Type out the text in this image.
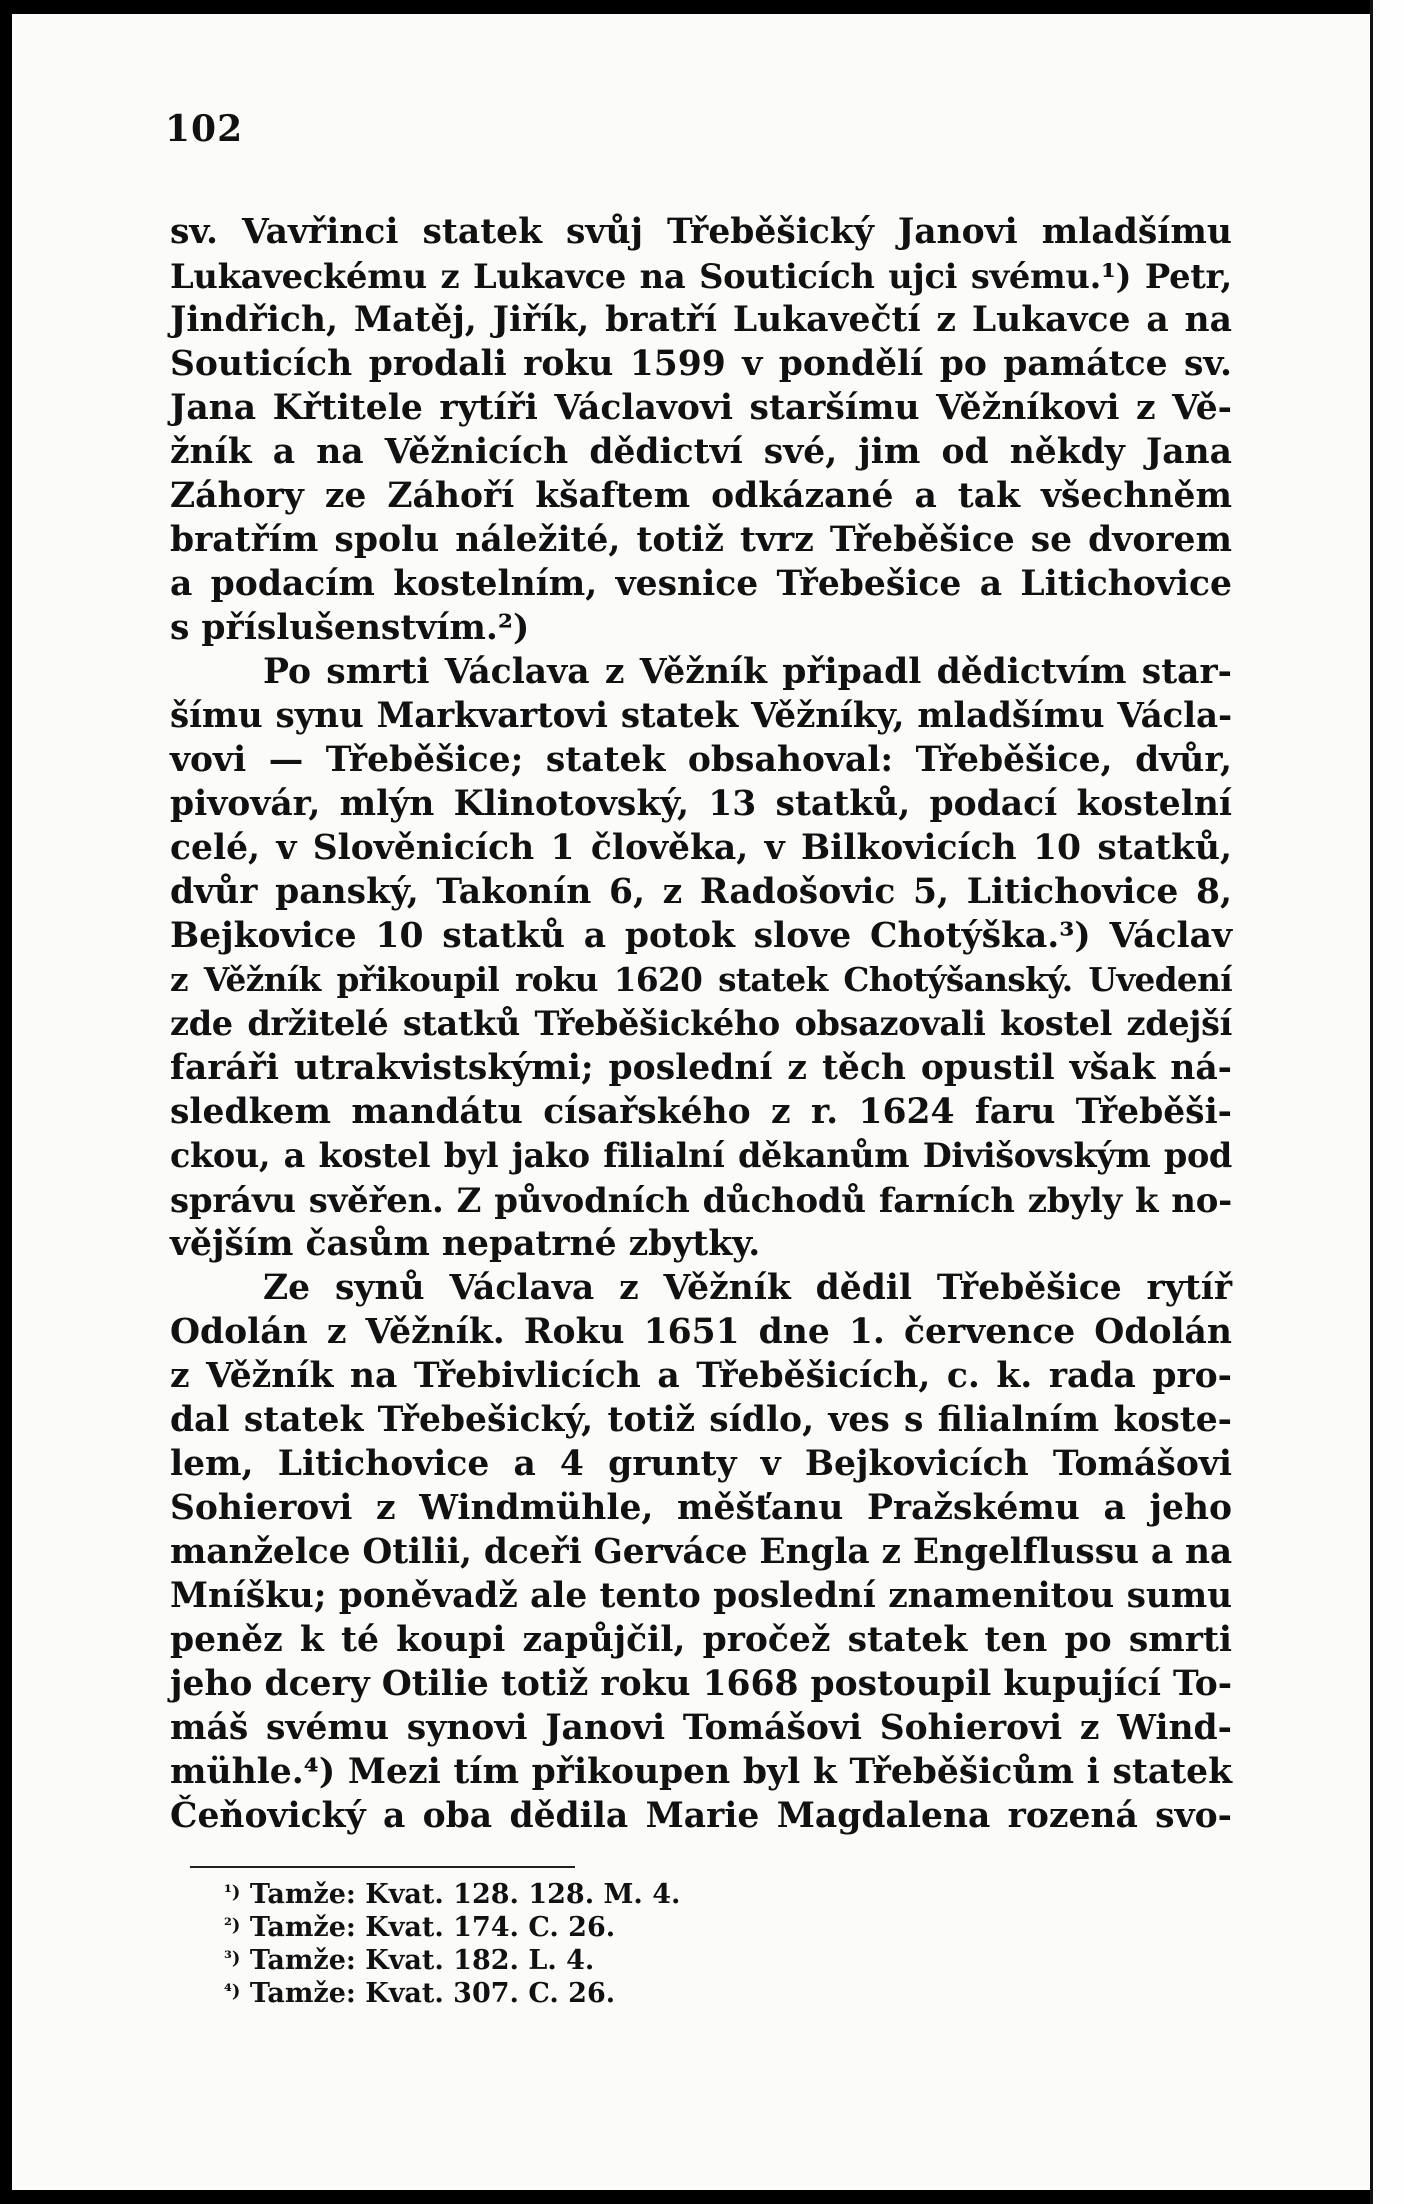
102
sv. Vavřinci statek svůj Třeběšický Janovi mladšímu
Lukaveckému z Lukavce na Souticích ujci svému.¹) Petr,
Jindřich, Matěj, Jiřík, bratří Lukavečtí z Lukavce a na
Souticích prodali roku 1599 v pondělí po památce sv.
Jana Křtitele rytíři Václavovi staršímu Věžníkovi z Vě-
žník a na Věžnicích dědictví své, jim od někdy Jana
Záhory ze Záhoří kšaftem odkázané a tak všechněm
bratřím spolu náležité, totiž tvrz Třeběšice se dvorem
a podacím kostelním, vesnice Třebešice a Litichovice
s příslušenstvím.²)
Po smrti Václava z Věžník připadl dědictvím star-
šímu synu Markvartovi statek Věžníky, mladšímu Václa-
vovi — Třeběšice; statek obsahoval: Třeběšice, dvůr,
pivovár, mlýn Klinotovský, 13 statků, podací kostelní
celé, v Slověnicích 1 člověka, v Bilkovicích 10 statků,
dvůr panský, Takonín 6, z Radošovic 5, Litichovice 8,
Bejkovice 10 statků a potok slove Chotýška.³) Václav
z Věžník přikoupil roku 1620 statek Chotýšanský. Uvedení
zde držitelé statků Třeběšického obsazovali kostel zdejší
faráři utrakvistskými; poslední z těch opustil však ná-
sledkem mandátu císařského z r. 1624 faru Třeběši-
ckou, a kostel byl jako filialní děkanům Divišovským pod
správu svěřen. Z původních důchodů farních zbyly k no-
vějším časům nepatrné zbytky.
Ze synů Václava z Věžník dědil Třeběšice rytíř
Odolán z Věžník. Roku 1651 dne 1. července Odolán
z Věžník na Třebivlicích a Třeběšicích, c. k. rada pro-
dal statek Třebešický, totiž sídlo, ves s filialním koste-
lem, Litichovice a 4 grunty v Bejkovicích Tomášovi
Sohierovi z Windmühle, měšťanu Pražskému a jeho
manželce Otilii, dceři Gerváce Engla z Engelflussu a na
Mníšku; poněvadž ale tento poslední znamenitou sumu
peněz k té koupi zapůjčil, pročež statek ten po smrti
jeho dcery Otilie totiž roku 1668 postoupil kupující To-
máš svému synovi Janovi Tomášovi Sohierovi z Wind-
mühle.⁴) Mezi tím přikoupen byl k Třeběšicům i statek
Čeňovický a oba dědila Marie Magdalena rozená svo-
$^{^1)}$ Tamže: Kvat. 128. 128. M. 4.
$^{^2)}$ Tamže: Kvat. 174. C. 26.
$^{^3)}$ Tamže: Kvat. 182. L. 4.
$^{^4)}$ Tamže: Kvat. 307. C. 26.
